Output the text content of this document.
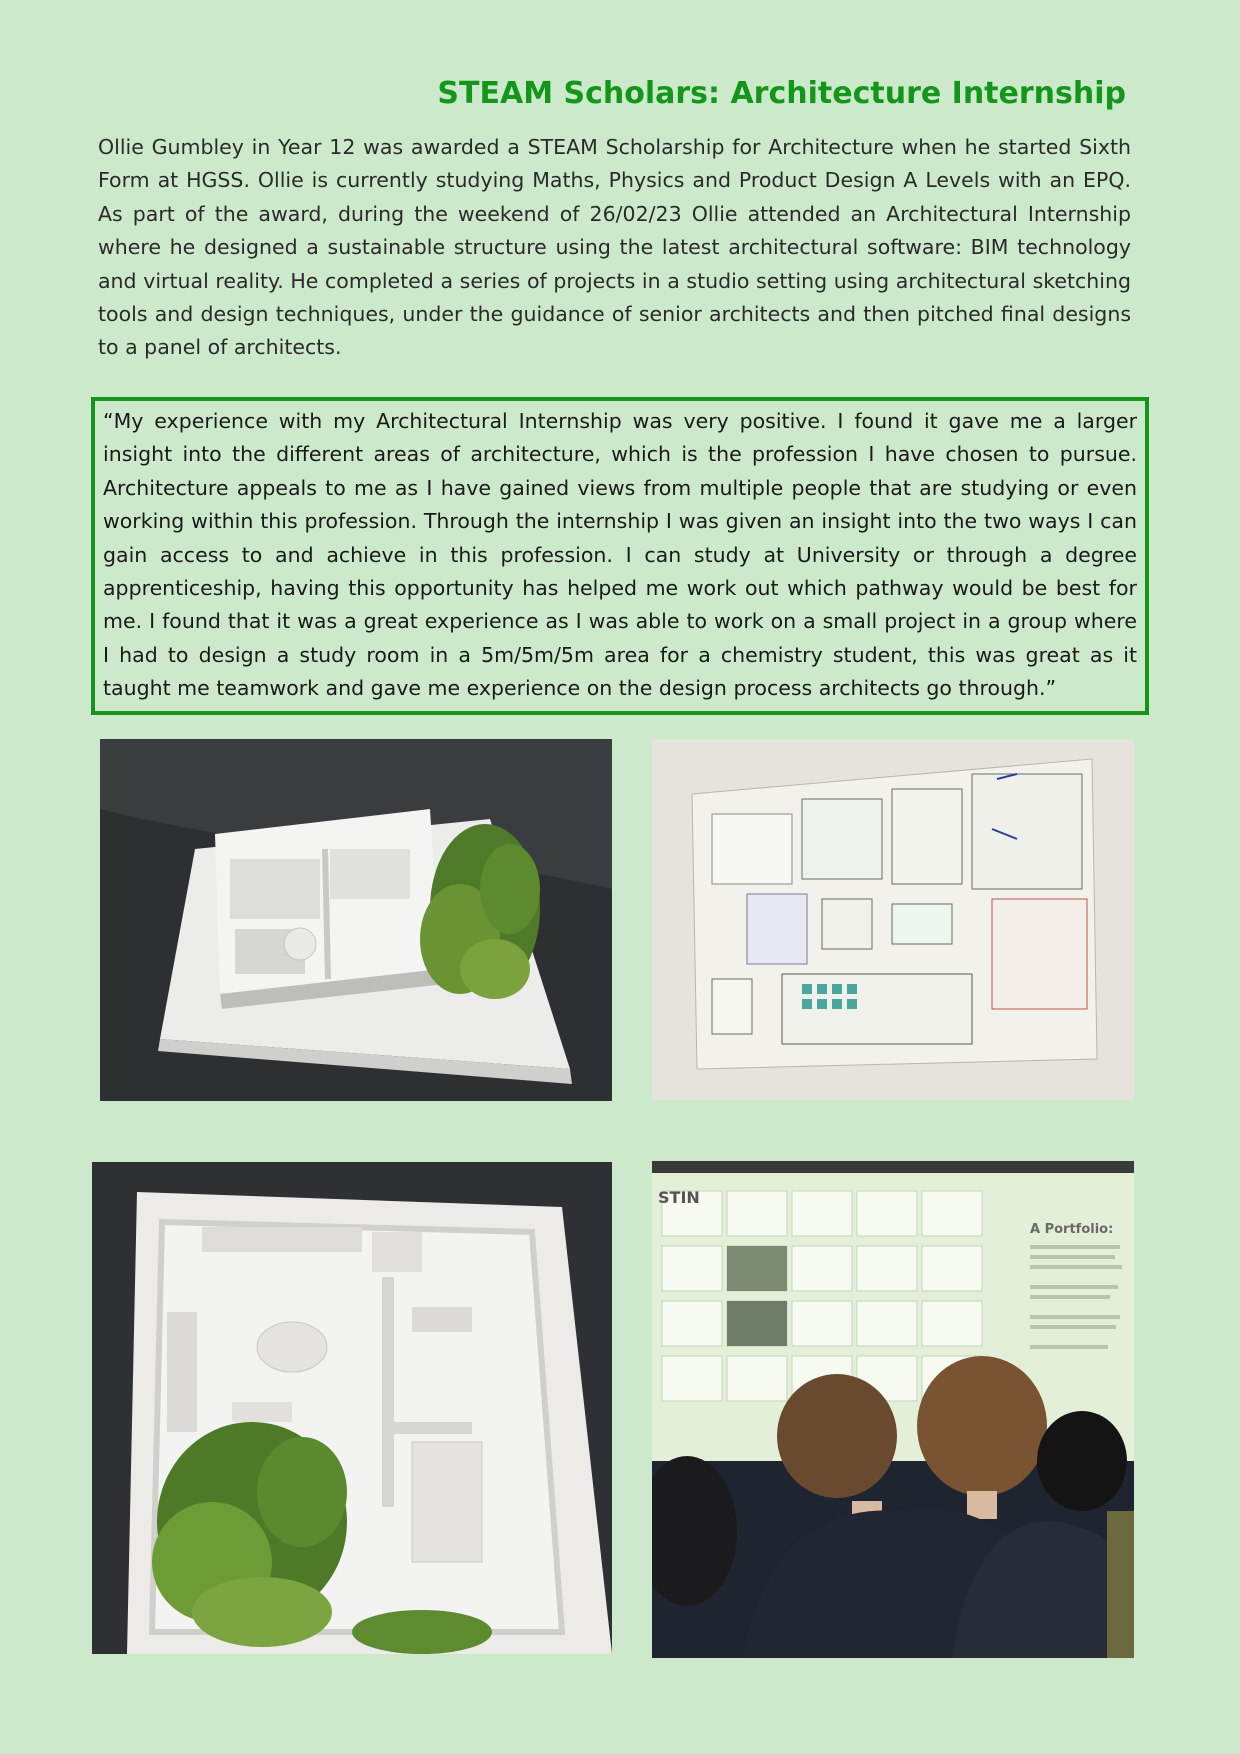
STEAM Scholars: Architecture Internship

Ollie Gumbley in Year 12 was awarded a STEAM Scholarship for Architecture when he started Sixth Form at HGSS. Ollie is currently studying Maths, Physics and Product Design A Levels with an EPQ. As part of the award, during the weekend of 26/02/23 Ollie attended an Architectural Internship where he designed a sustainable structure using the latest architectural software: BIM technology and virtual reality. He completed a series of projects in a studio setting using architectural sketching tools and design techniques, under the guidance of senior architects and then pitched final designs to a panel of architects.

“My experience with my Architectural Internship was very positive. I found it gave me a larger insight into the different areas of architecture, which is the profession I have chosen to pursue. Architecture appeals to me as I have gained views from multiple people that are studying or even working within this profession. Through the internship I was given an insight into the two ways I can gain access to and achieve in this profession. I can study at University or through a degree apprenticeship, having this opportunity has helped me work out which pathway would be best for me. I found that it was a great experience as I was able to work on a small project in a group where I had to design a study room in a 5m/5m/5m area for a chemistry student, this was great as it taught me teamwork and gave me experience on the design process architects go through.”

STIN
A Portfolio:
